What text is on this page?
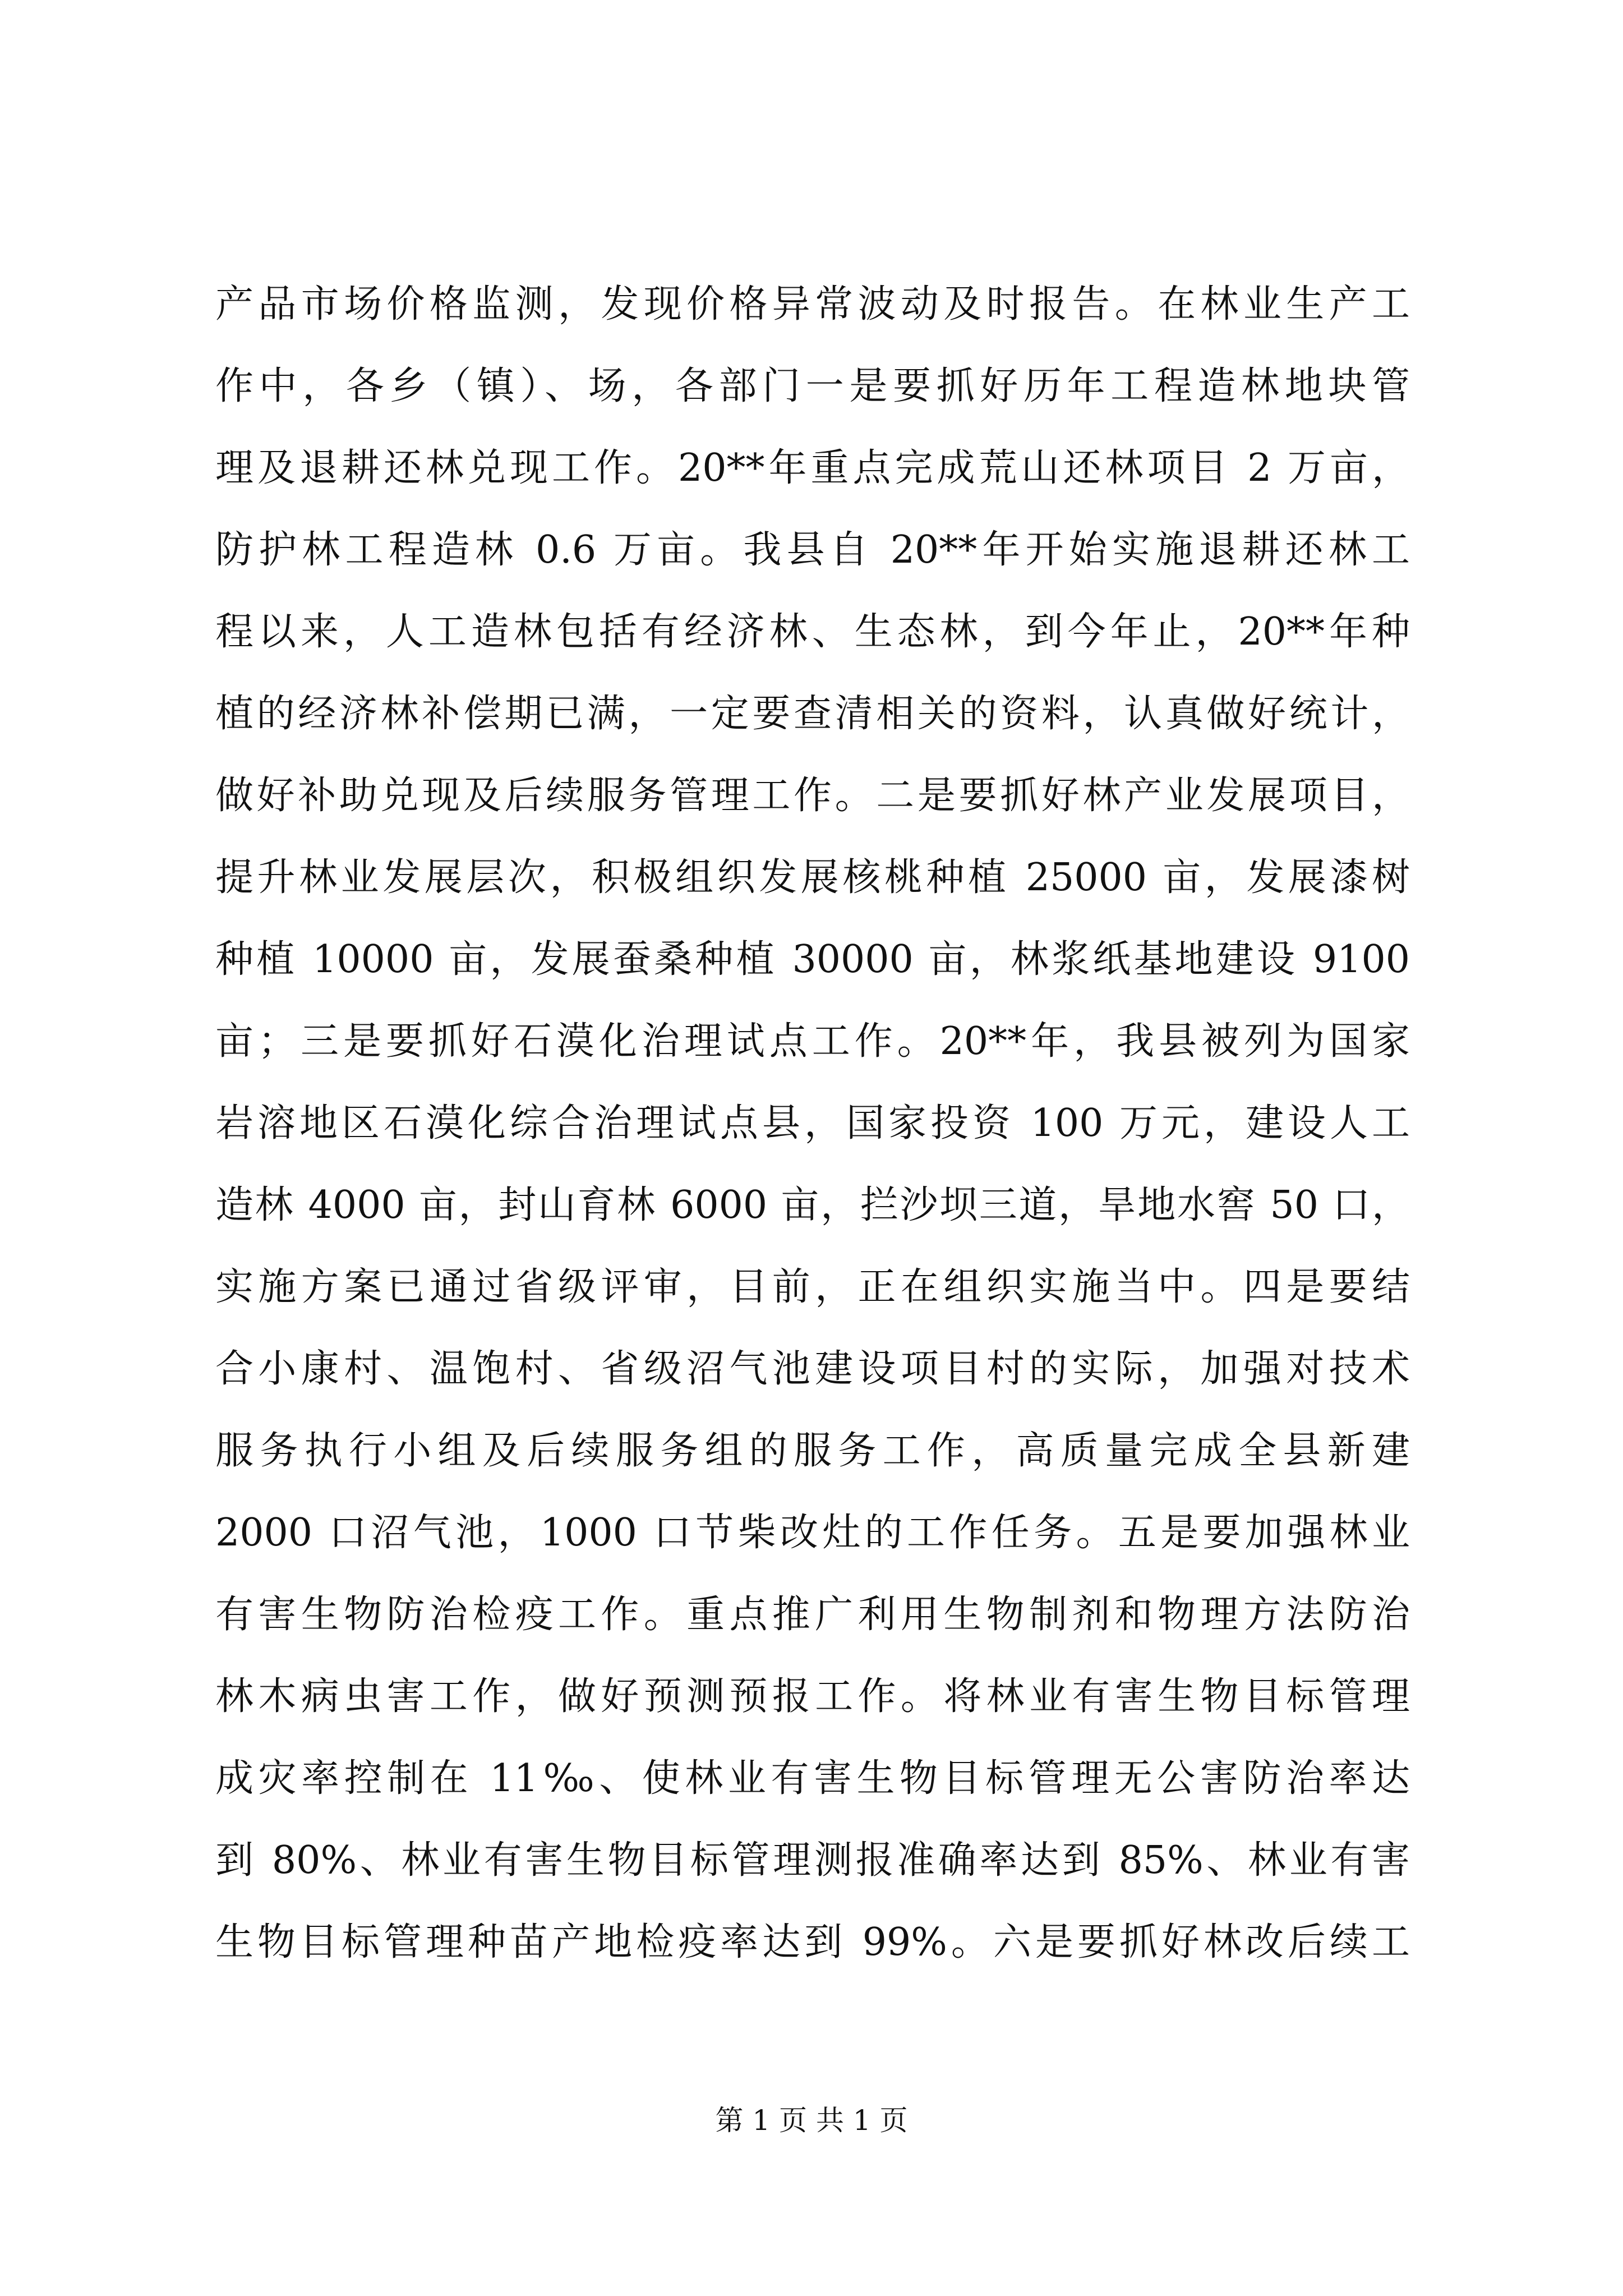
产品市场价格监测，发现价格异常波动及时报告。在林业生产工
作中，各乡（镇）、场，各部门一是要抓好历年工程造林地块管
理及退耕还林兑现工作。20**年重点完成荒山还林项目 2 万亩，
防护林工程造林 0.6 万亩。我县自 20**年开始实施退耕还林工
程以来，人工造林包括有经济林、生态林，到今年止，20**年种
植的经济林补偿期已满，一定要查清相关的资料，认真做好统计，
做好补助兑现及后续服务管理工作。二是要抓好林产业发展项目，
提升林业发展层次，积极组织发展核桃种植 25000 亩，发展漆树
种植 10000 亩，发展蚕桑种植 30000 亩，林浆纸基地建设 9100
亩；三是要抓好石漠化治理试点工作。20**年，我县被列为国家
岩溶地区石漠化综合治理试点县，国家投资 100 万元，建设人工
造林 4000 亩，封山育林 6000 亩，拦沙坝三道，旱地水窖 50 口，
实施方案已通过省级评审，目前，正在组织实施当中。四是要结
合小康村、温饱村、省级沼气池建设项目村的实际，加强对技术
服务执行小组及后续服务组的服务工作，高质量完成全县新建
2000 口沼气池，1000 口节柴改灶的工作任务。五是要加强林业
有害生物防治检疫工作。重点推广利用生物制剂和物理方法防治
林木病虫害工作，做好预测预报工作。将林业有害生物目标管理
成灾率控制在 11‰、使林业有害生物目标管理无公害防治率达
到 80%、林业有害生物目标管理测报准确率达到 85%、林业有害
生物目标管理种苗产地检疫率达到 99%。六是要抓好林改后续工
第 1 页 共 1 页
